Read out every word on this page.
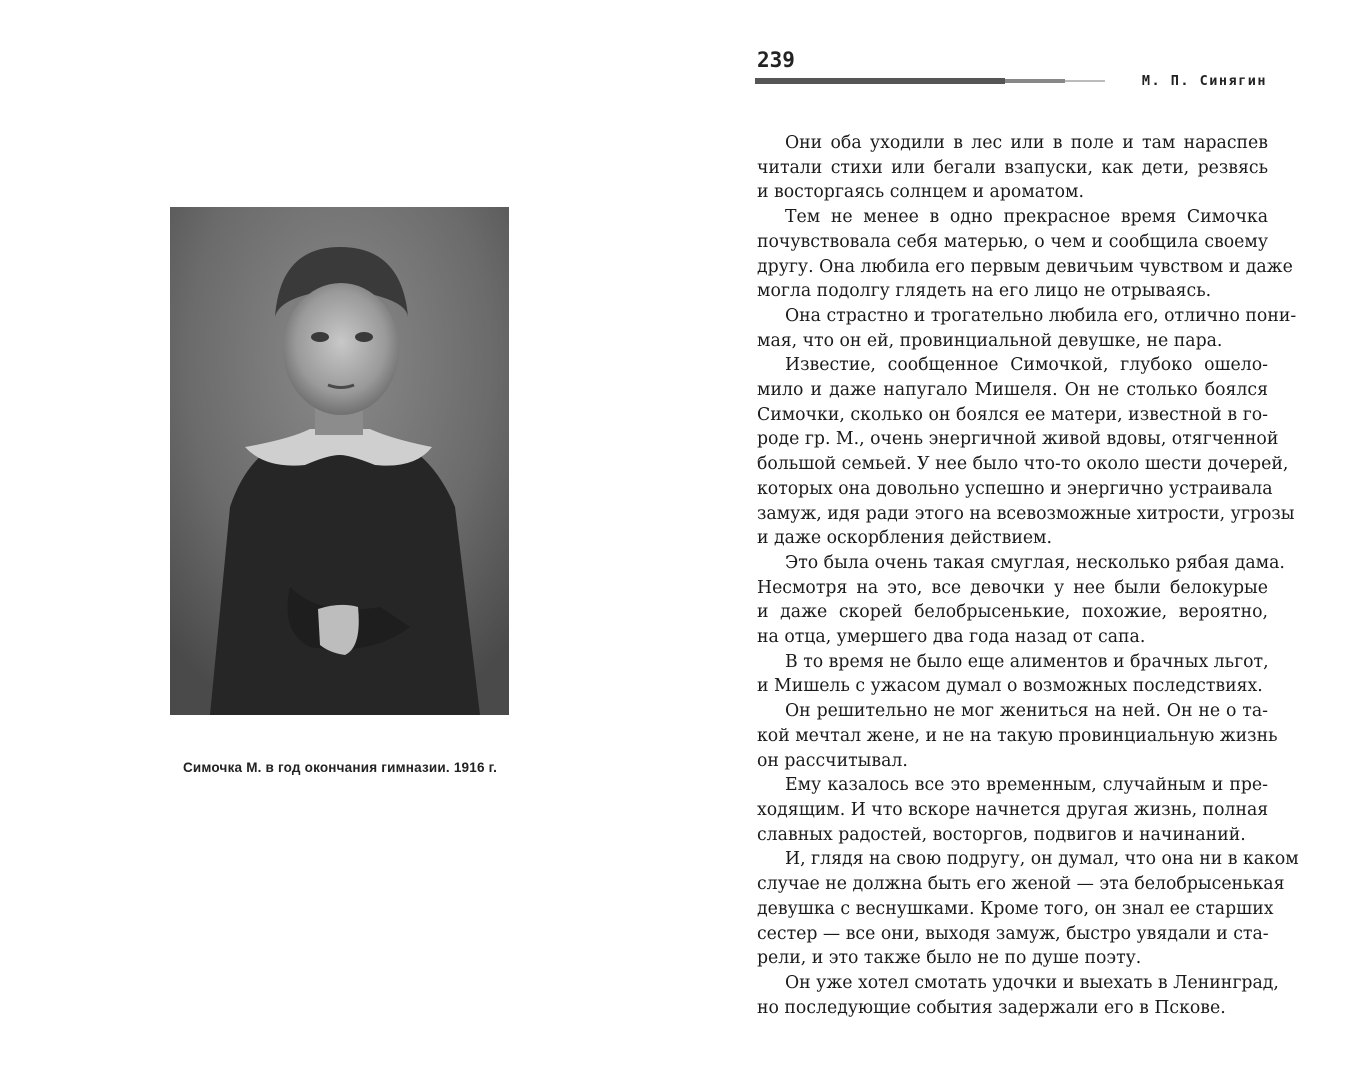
Симочка М. в год окончания гимназии. 1916 г.
239
М. П. Синягин

Они оба уходили в лес или в поле и там нараспев
читали стихи или бегали взапуски, как дети, резвясь
и восторгаясь солнцем и ароматом.

Тем не менее в одно прекрасное время Симочка
почувствовала себя матерью, о чем и сообщила своему
другу. Она любила его первым девичьим чувством и даже
могла подолгу глядеть на его лицо не отрываясь.

Она страстно и трогательно любила его, отлично пони-
мая, что он ей, провинциальной девушке, не пара.

Известие, сообщенное Симочкой, глубоко ошело-
мило и даже напугало Мишеля. Он не столько боялся
Симочки, сколько он боялся ее матери, известной в го-
роде гр. М., очень энергичной живой вдовы, отягченной
большой семьей. У нее было что-то около шести дочерей,
которых она довольно успешно и энергично устраивала
замуж, идя ради этого на всевозможные хитрости, угрозы
и даже оскорбления действием.

Это была очень такая смуглая, несколько рябая дама.
Несмотря на это, все девочки у нее были белокурые
и даже скорей белобрысенькие, похожие, вероятно,
на отца, умершего два года назад от сапа.

В то время не было еще алиментов и брачных льгот,
и Мишель с ужасом думал о возможных последствиях.

Он решительно не мог жениться на ней. Он не о та-
кой мечтал жене, и не на такую провинциальную жизнь
он рассчитывал.

Ему казалось все это временным, случайным и пре-
ходящим. И что вскоре начнется другая жизнь, полная
славных радостей, восторгов, подвигов и начинаний.

И, глядя на свою подругу, он думал, что она ни в каком
случае не должна быть его женой — эта белобрысенькая
девушка с веснушками. Кроме того, он знал ее старших
сестер — все они, выходя замуж, быстро увядали и ста-
рели, и это также было не по душе поэту.

Он уже хотел смотать удочки и выехать в Ленинград,
но последующие события задержали его в Пскове.
